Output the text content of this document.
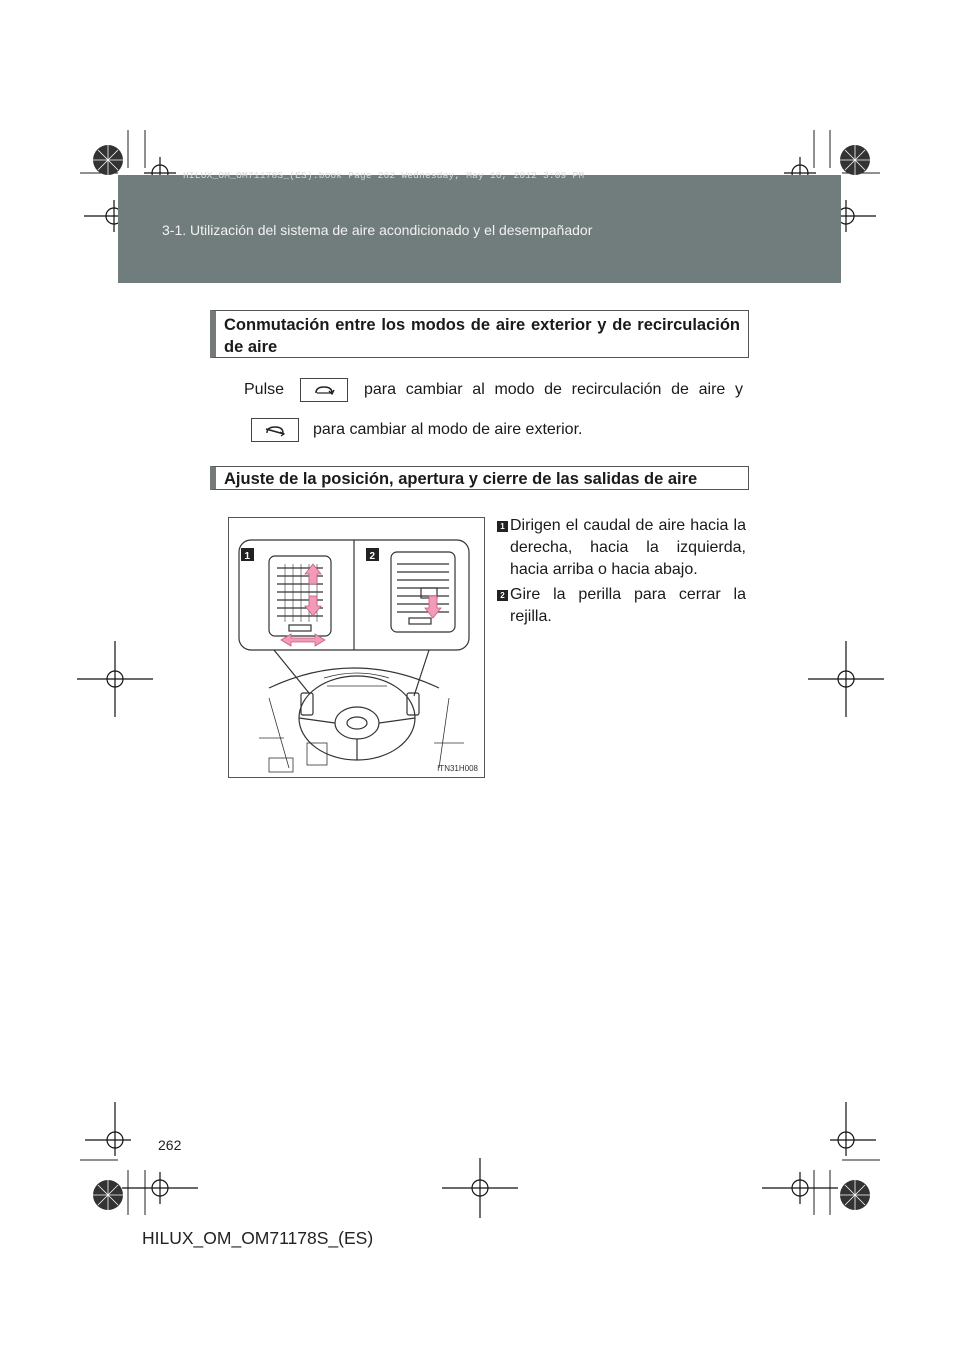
HILUX_OM_OM71178S_(ES).book Page 262 Wednesday, May 16, 2012 3:09 PM
3-1. Utilización del sistema de aire acondicionado y el desempañador
Conmutación entre los modos de aire exterior y de recirculación de aire
Pulse	para cambiar al modo de recirculación de aire y
para cambiar al modo de aire exterior.
Ajuste de la posición, apertura y cierre de las salidas de aire
1	2
ITN31H008
1 Dirigen el caudal de aire hacia la derecha, hacia la izquierda, hacia arriba o hacia abajo.
2 Gire la perilla para cerrar la rejilla.
262
HILUX_OM_OM71178S_(ES)
